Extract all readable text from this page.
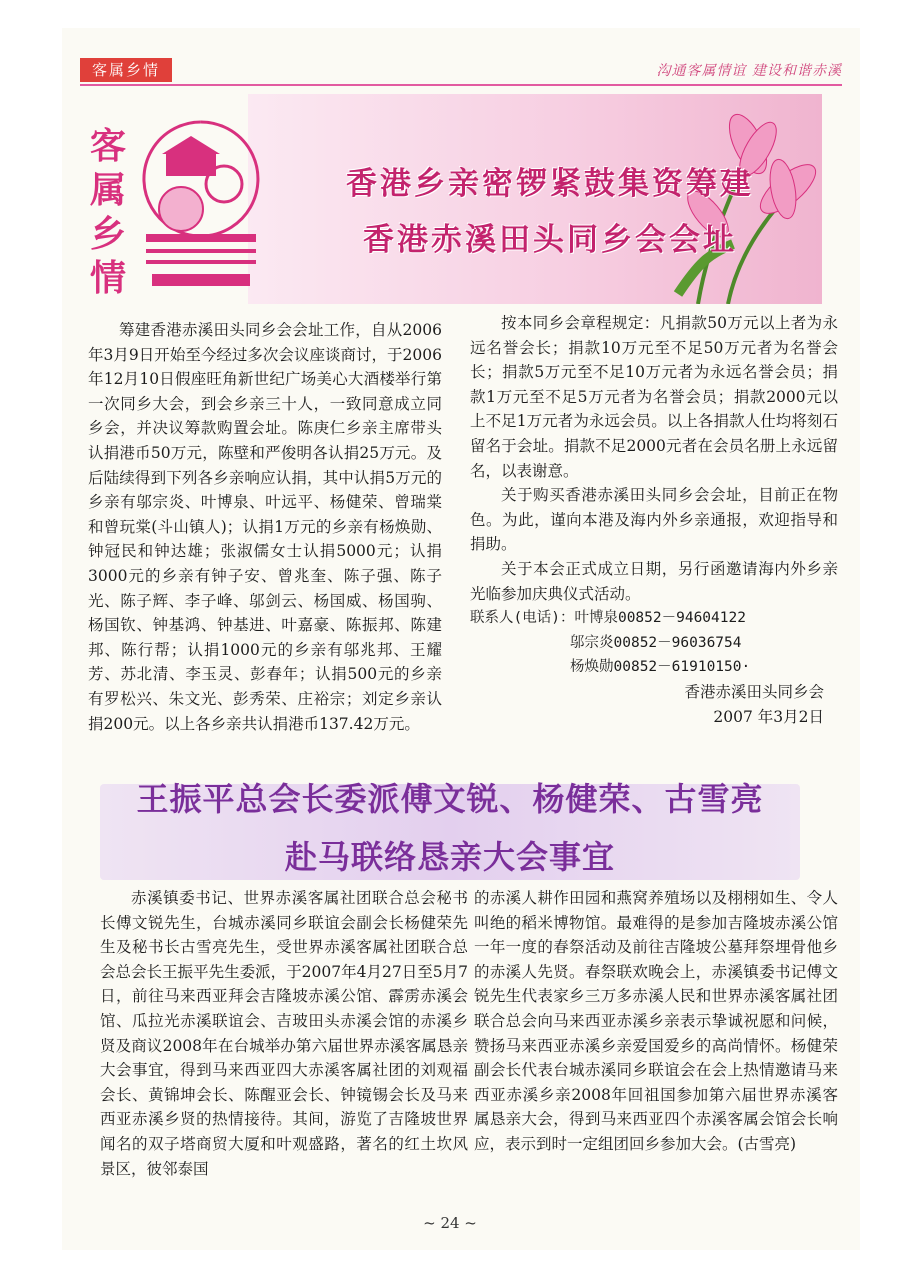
客属乡情	沟通客属情谊 建设和谐赤溪
客
属
乡
情
香港乡亲密锣紧鼓集资筹建
香港赤溪田头同乡会会址

筹建香港赤溪田头同乡会会址工作，自从2006年3月9日开始至今经过多次会议座谈商讨，于2006年12月10日假座旺角新世纪广场美心大酒楼举行第一次同乡大会，到会乡亲三十人，一致同意成立同乡会，并决议筹款购置会址。陈庚仁乡亲主席带头认捐港币50万元，陈壁和严俊明各认捐25万元。及后陆续得到下列各乡亲响应认捐，其中认捐5万元的乡亲有邬宗炎、叶博泉、叶远平、杨健荣、曾瑞棠和曾玩棠(斗山镇人)；认捐1万元的乡亲有杨焕勋、钟冠民和钟达雄；张淑儒女士认捐5000元；认捐3000元的乡亲有钟子安、曾兆奎、陈子强、陈子光、陈子辉、李子峰、邬剑云、杨国威、杨国驹、杨国钦、钟基鸿、钟基进、叶嘉豪、陈振邦、陈建邦、陈行帮；认捐1000元的乡亲有邬兆邦、王耀芳、苏北清、李玉灵、彭春年；认捐500元的乡亲有罗松兴、朱文光、彭秀荣、庄裕宗；刘定乡亲认捐200元。以上各乡亲共认捐港币137.42万元。

按本同乡会章程规定：凡捐款50万元以上者为永远名誉会长；捐款10万元至不足50万元者为名誉会长；捐款5万元至不足10万元者为永远名誉会员；捐款1万元至不足5万元者为名誉会员；捐款2000元以上不足1万元者为永远会员。以上各捐款人仕均将刻石留名于会址。捐款不足2000元者在会员名册上永远留名，以表谢意。

关于购买香港赤溪田头同乡会会址，目前正在物色。为此，谨向本港及海内外乡亲通报，欢迎指导和捐助。

关于本会正式成立日期，另行函邀请海内外乡亲光临参加庆典仪式活动。

联系人(电话)：叶博泉00852－94604122

邬宗炎00852－96036754

杨焕勋00852－61910150·

香港赤溪田头同乡会

2007 年3月2日

王振平总会长委派傅文锐、杨健荣、古雪亮
赴马联络恳亲大会事宜

赤溪镇委书记、世界赤溪客属社团联合总会秘书长傅文锐先生，台城赤溪同乡联谊会副会长杨健荣先生及秘书长古雪亮先生，受世界赤溪客属社团联合总会总会长王振平先生委派，于2007年4月27日至5月7日，前往马来西亚拜会吉隆坡赤溪公馆、霹雳赤溪会馆、瓜拉光赤溪联谊会、吉玻田头赤溪会馆的赤溪乡贤及商议2008年在台城举办第六届世界赤溪客属恳亲大会事宜，得到马来西亚四大赤溪客属社团的刘观福会长、黄锦坤会长、陈醒亚会长、钟镜锡会长及马来西亚赤溪乡贤的热情接待。其间，游览了吉隆坡世界闻名的双子塔商贸大厦和叶观盛路，著名的红土坎风景区，彼邻泰国

的赤溪人耕作田园和燕窝养殖场以及栩栩如生、令人叫绝的稻米博物馆。最难得的是参加吉隆坡赤溪公馆一年一度的春祭活动及前往吉隆坡公墓拜祭埋骨他乡的赤溪人先贤。春祭联欢晚会上，赤溪镇委书记傅文锐先生代表家乡三万多赤溪人民和世界赤溪客属社团联合总会向马来西亚赤溪乡亲表示挚诚祝愿和问候，赞扬马来西亚赤溪乡亲爱国爱乡的高尚情怀。杨健荣副会长代表台城赤溪同乡联谊会在会上热情邀请马来西亚赤溪乡亲2008年回祖国参加第六届世界赤溪客属恳亲大会，得到马来西亚四个赤溪客属会馆会长响应，表示到时一定组团回乡参加大会。(古雪亮)

~ 24 ~
